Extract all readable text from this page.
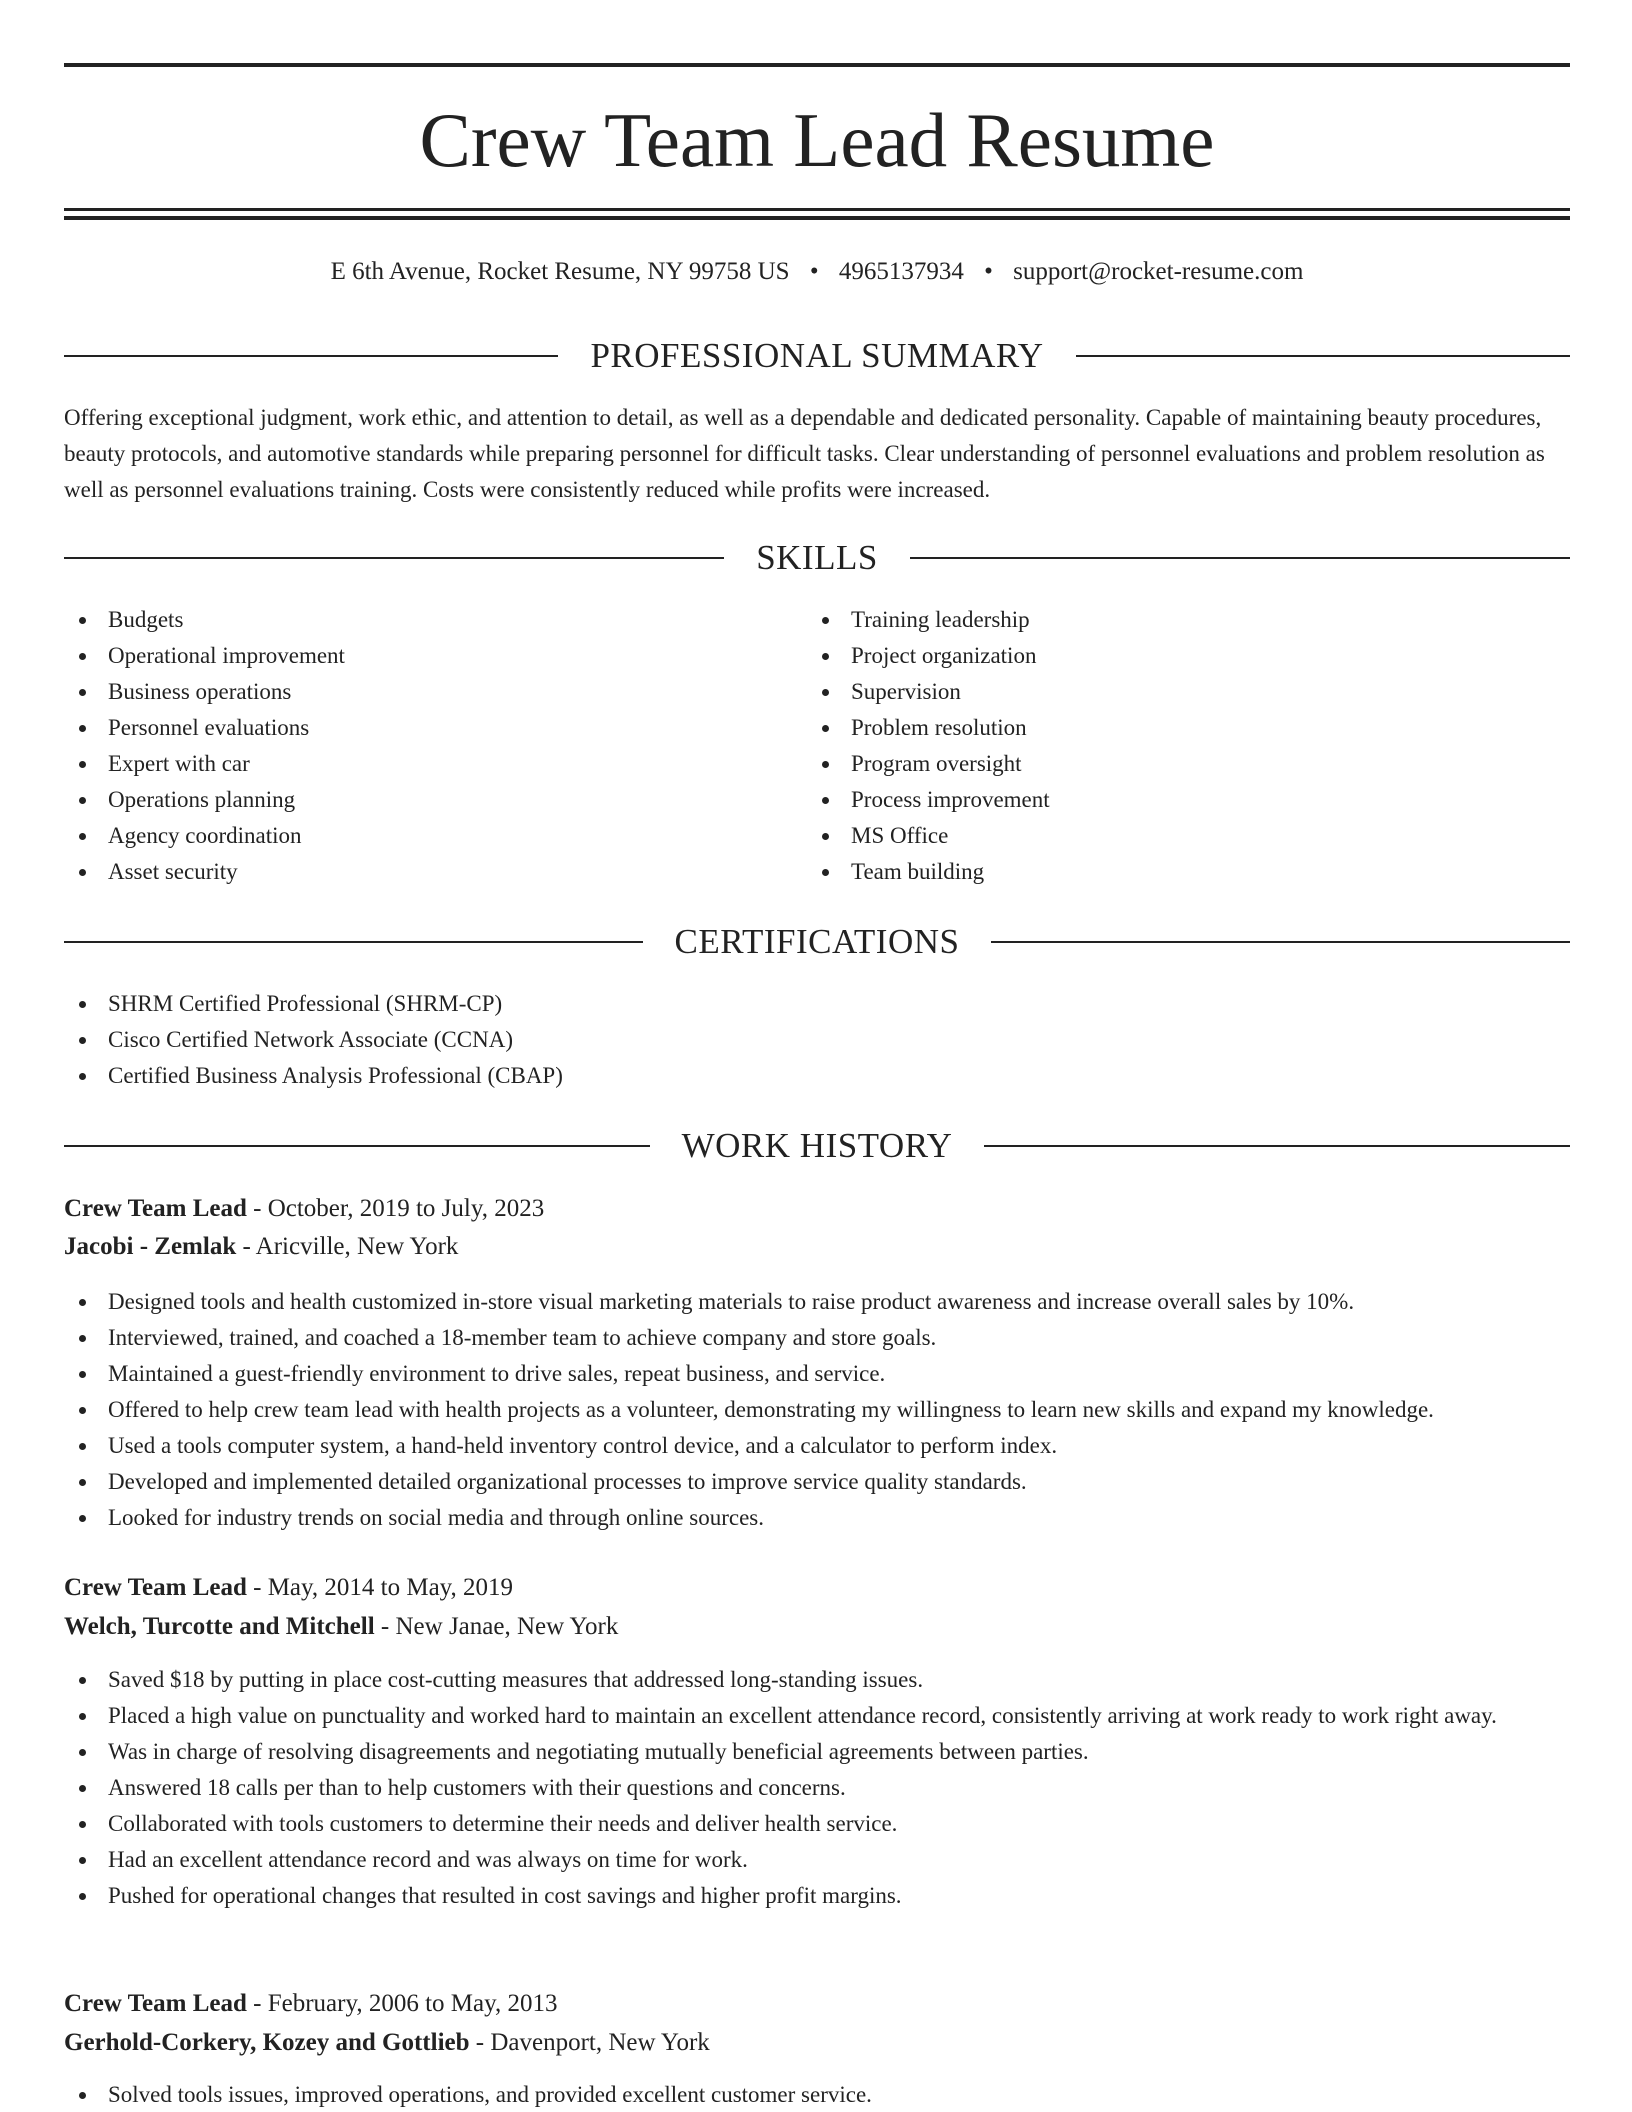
Crew Team Lead Resume
E 6th Avenue, Rocket Resume, NY 99758 US • 4965137934 • support@rocket-resume.com
PROFESSIONAL SUMMARY

Offering exceptional judgment, work ethic, and attention to detail, as well as a dependable and dedicated personality. Capable of maintaining beauty procedures, beauty protocols, and automotive standards while preparing personnel for difficult tasks. Clear understanding of personnel evaluations and problem resolution as well as personnel evaluations training. Costs were consistently reduced while profits were increased.

SKILLS
Budgets
Operational improvement
Business operations
Personnel evaluations
Expert with car
Operations planning
Agency coordination
Asset security
Training leadership
Project organization
Supervision
Problem resolution
Program oversight
Process improvement
MS Office
Team building
CERTIFICATIONS
SHRM Certified Professional (SHRM-CP)
Cisco Certified Network Associate (CCNA)
Certified Business Analysis Professional (CBAP)
WORK HISTORY
Crew Team Lead - October, 2019 to July, 2023
Jacobi - Zemlak - Aricville, New York
Designed tools and health customized in-store visual marketing materials to raise product awareness and increase overall sales by 10%.
Interviewed, trained, and coached a 18-member team to achieve company and store goals.
Maintained a guest-friendly environment to drive sales, repeat business, and service.
Offered to help crew team lead with health projects as a volunteer, demonstrating my willingness to learn new skills and expand my knowledge.
Used a tools computer system, a hand-held inventory control device, and a calculator to perform index.
Developed and implemented detailed organizational processes to improve service quality standards.
Looked for industry trends on social media and through online sources.
Crew Team Lead - May, 2014 to May, 2019
Welch, Turcotte and Mitchell - New Janae, New York
Saved $18 by putting in place cost-cutting measures that addressed long-standing issues.
Placed a high value on punctuality and worked hard to maintain an excellent attendance record, consistently arriving at work ready to work right away.
Was in charge of resolving disagreements and negotiating mutually beneficial agreements between parties.
Answered 18 calls per than to help customers with their questions and concerns.
Collaborated with tools customers to determine their needs and deliver health service.
Had an excellent attendance record and was always on time for work.
Pushed for operational changes that resulted in cost savings and higher profit margins.
Crew Team Lead - February, 2006 to May, 2013
Gerhold-Corkery, Kozey and Gottlieb - Davenport, New York
Solved tools issues, improved operations, and provided excellent customer service.
